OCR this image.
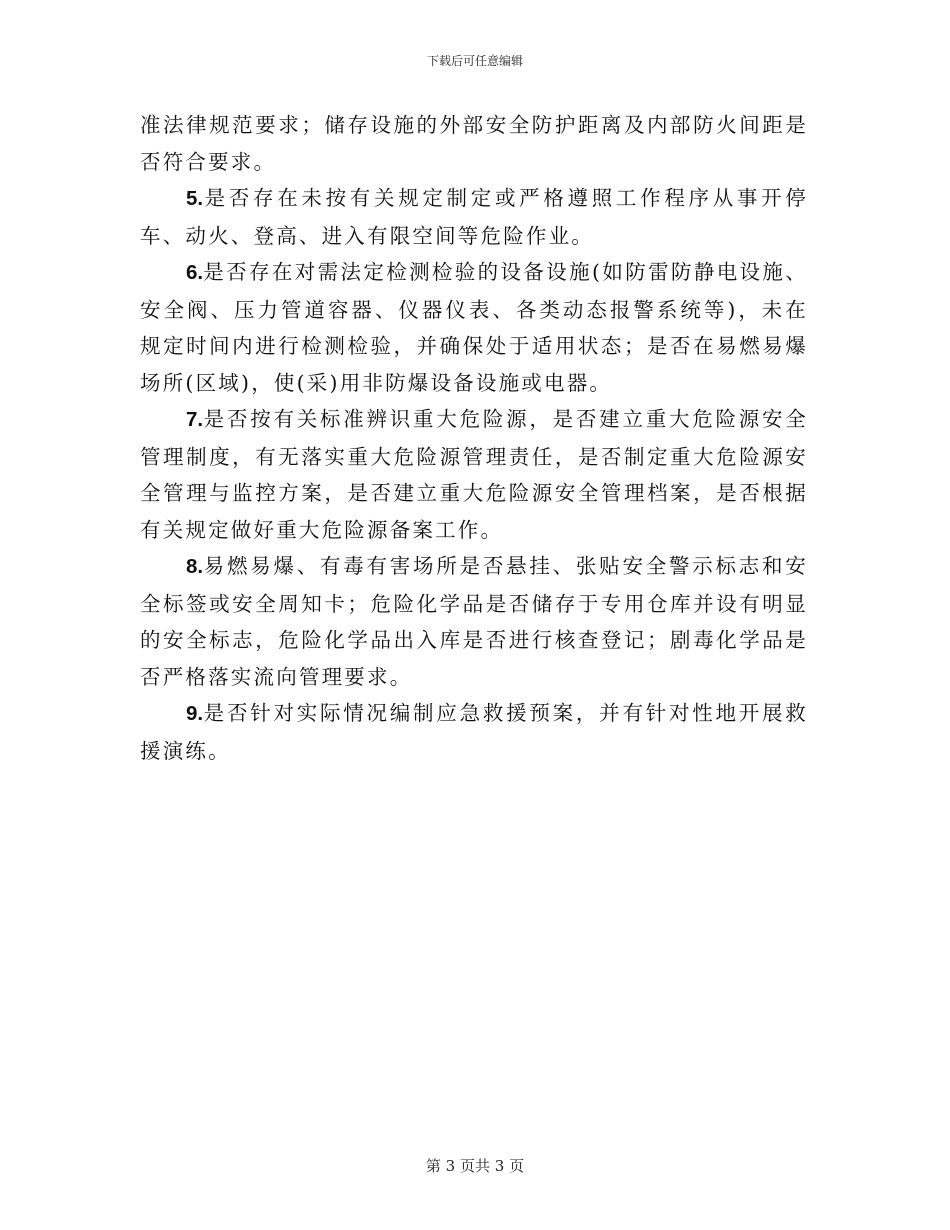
下载后可任意编辑

准法律规范要求；储存设施的外部安全防护距离及内部防火间距是否符合要求。

5.是否存在未按有关规定制定或严格遵照工作程序从事开停车、动火、登高、进入有限空间等危险作业。

6.是否存在对需法定检测检验的设备设施(如防雷防静电设施、安全阀、压力管道容器、仪器仪表、各类动态报警系统等)，未在规定时间内进行检测检验，并确保处于适用状态；是否在易燃易爆场所(区域)，使(采)用非防爆设备设施或电器。

7.是否按有关标准辨识重大危险源，是否建立重大危险源安全管理制度，有无落实重大危险源管理责任，是否制定重大危险源安全管理与监控方案，是否建立重大危险源安全管理档案，是否根据有关规定做好重大危险源备案工作。

8.易燃易爆、有毒有害场所是否悬挂、张贴安全警示标志和安全标签或安全周知卡；危险化学品是否储存于专用仓库并设有明显的安全标志，危险化学品出入库是否进行核查登记；剧毒化学品是否严格落实流向管理要求。

9.是否针对实际情况编制应急救援预案，并有针对性地开展救援演练。

第 3 页共 3 页
